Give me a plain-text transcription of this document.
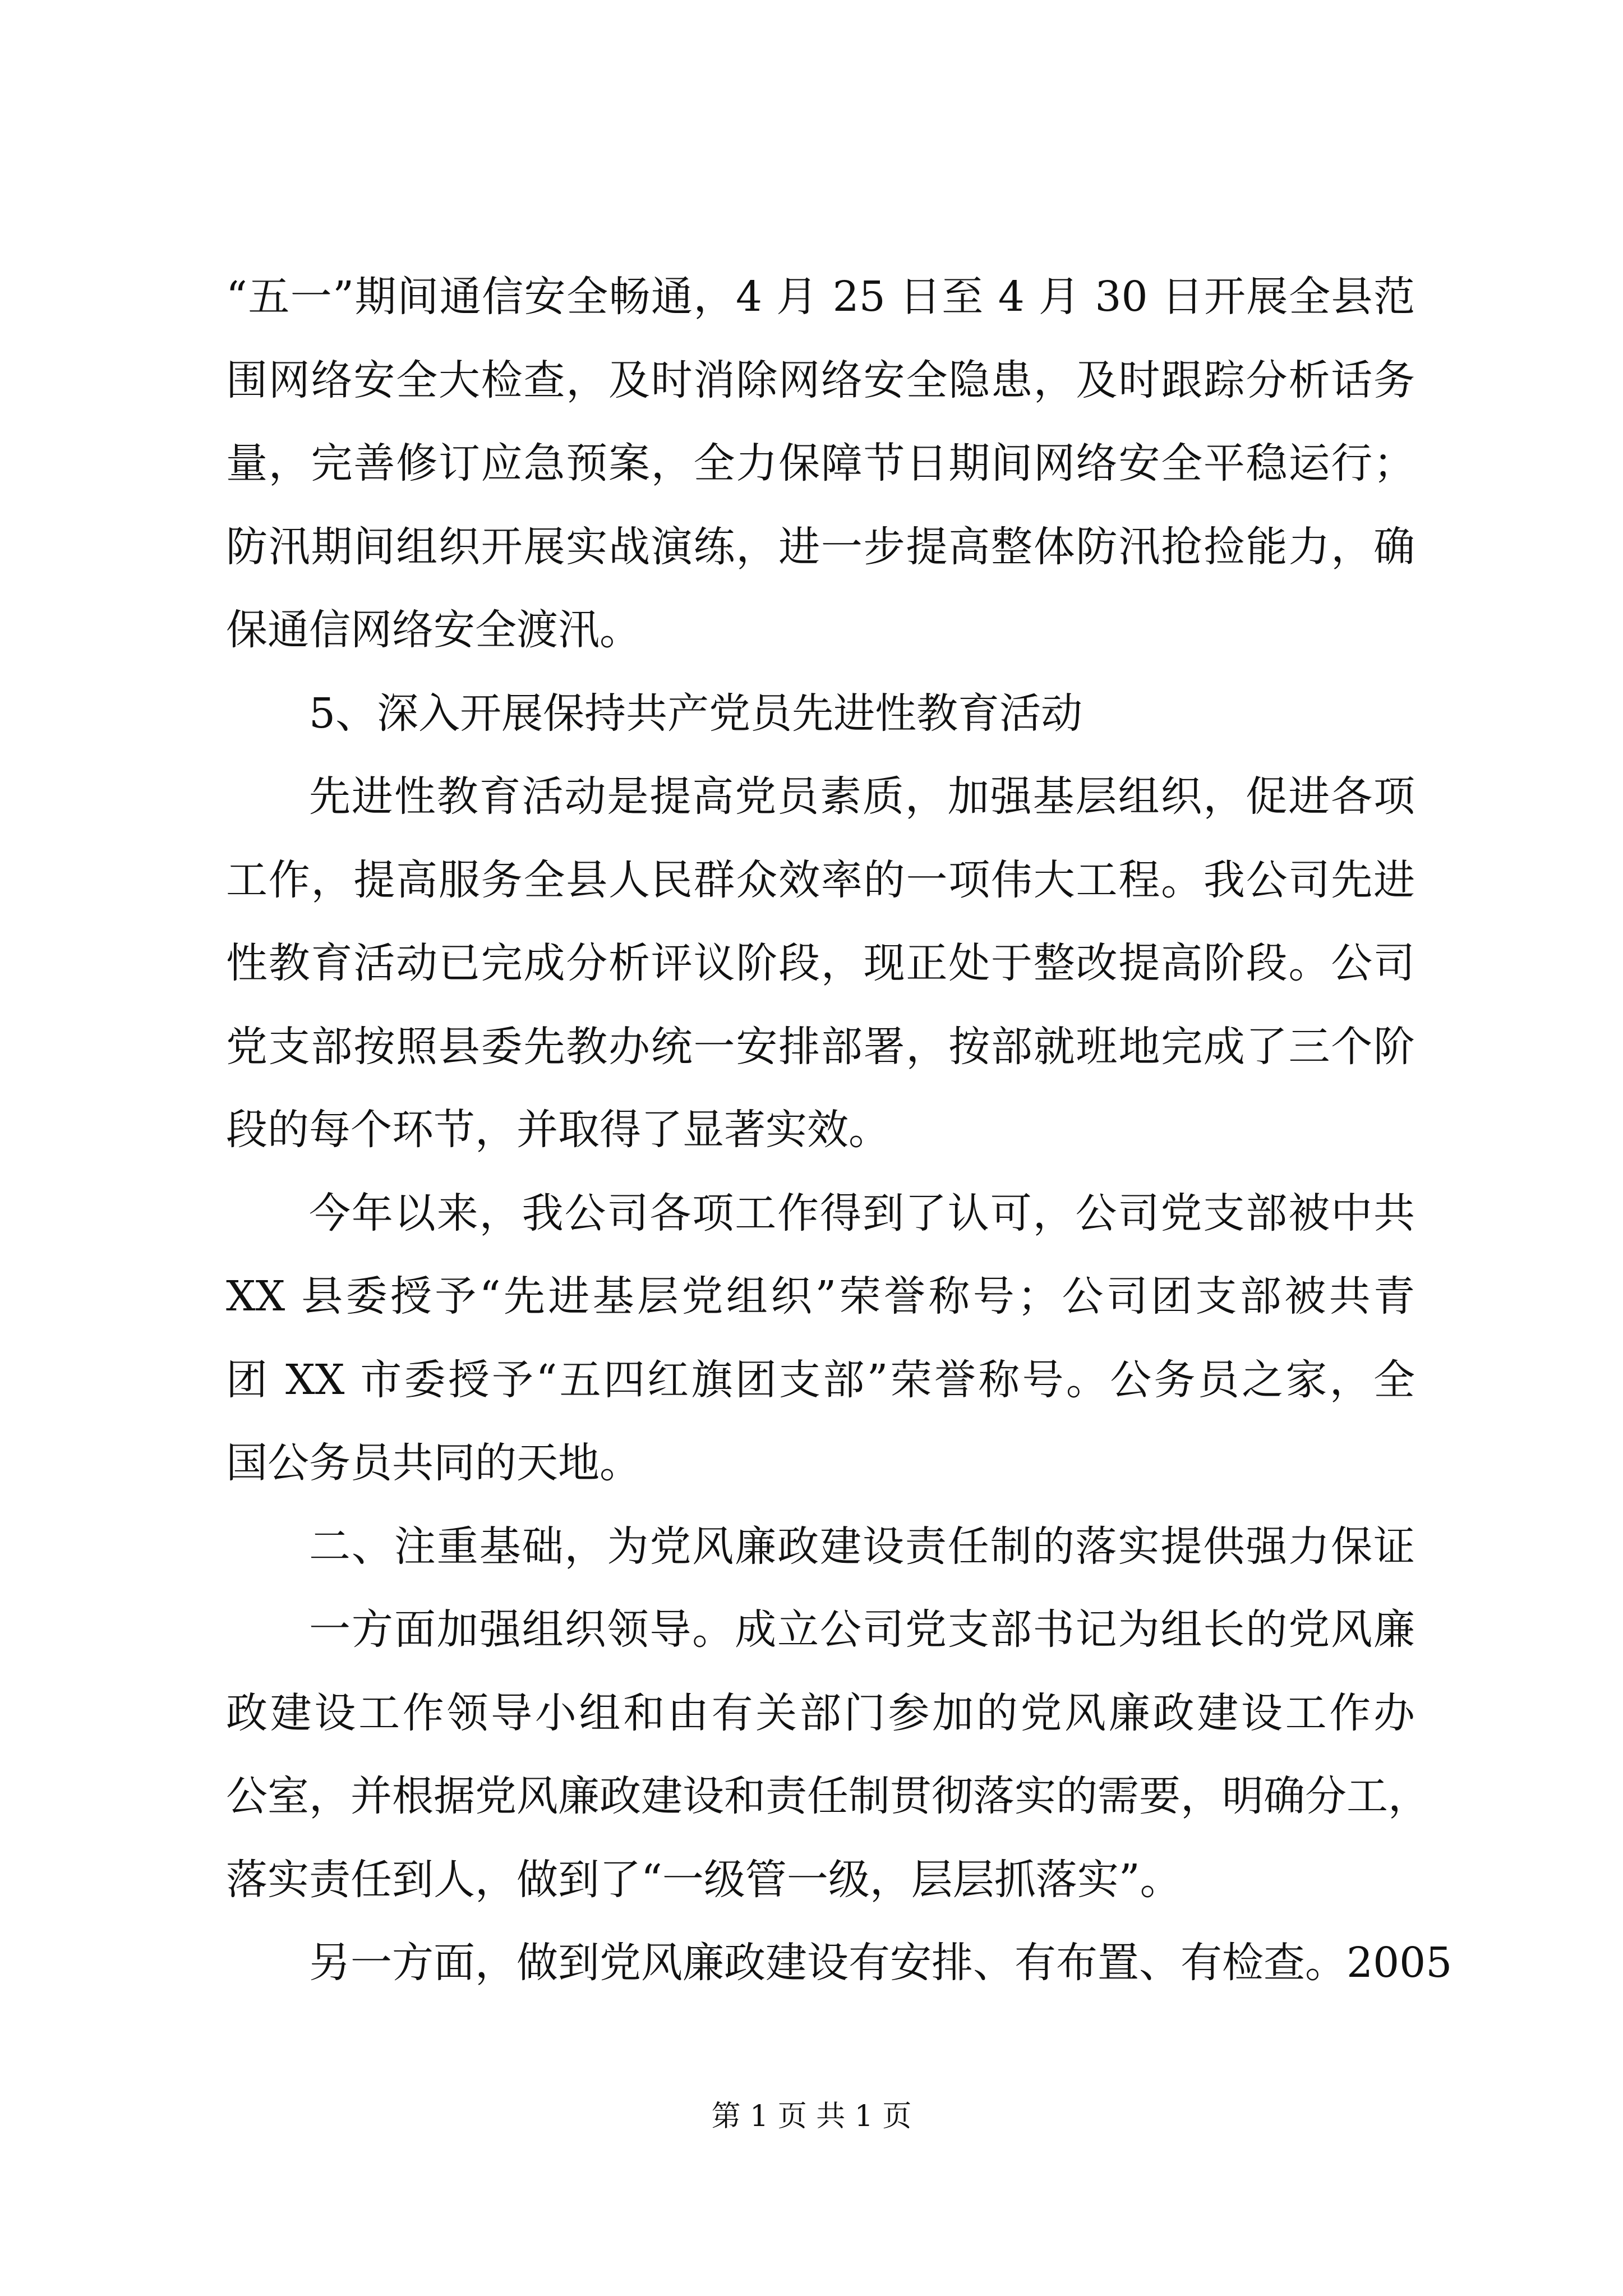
“五一”期间通信安全畅通，4 月 25 日至 4 月 30 日开展全县范
围网络安全大检查，及时消除网络安全隐患，及时跟踪分析话务
量，完善修订应急预案，全力保障节日期间网络安全平稳运行；
防汛期间组织开展实战演练，进一步提高整体防汛抢捡能力，确
保通信网络安全渡汛。
5、深入开展保持共产党员先进性教育活动
先进性教育活动是提高党员素质，加强基层组织，促进各项
工作，提高服务全县人民群众效率的一项伟大工程。我公司先进
性教育活动已完成分析评议阶段，现正处于整改提高阶段。公司
党支部按照县委先教办统一安排部署，按部就班地完成了三个阶
段的每个环节，并取得了显著实效。
今年以来，我公司各项工作得到了认可，公司党支部被中共
XX 县委授予“先进基层党组织”荣誉称号；公司团支部被共青
团 XX 市委授予“五四红旗团支部”荣誉称号。公务员之家，全
国公务员共同的天地。
二、注重基础，为党风廉政建设责任制的落实提供强力保证
一方面加强组织领导。成立公司党支部书记为组长的党风廉
政建设工作领导小组和由有关部门参加的党风廉政建设工作办
公室，并根据党风廉政建设和责任制贯彻落实的需要，明确分工，
落实责任到人，做到了“一级管一级，层层抓落实”。
另一方面，做到党风廉政建设有安排、有布置、有检查。2005
第 1 页 共 1 页
